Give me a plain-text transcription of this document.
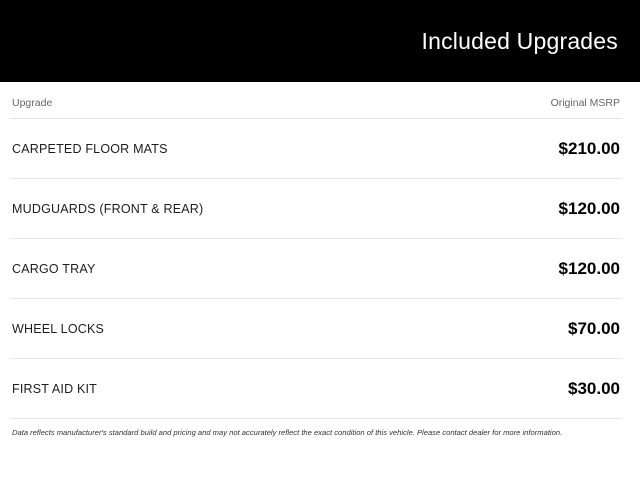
Included Upgrades
Upgrade	Original MSRP
CARPETED FLOOR MATS	$210.00
MUDGUARDS (FRONT & REAR)	$120.00
CARGO TRAY	$120.00
WHEEL LOCKS	$70.00
FIRST AID KIT	$30.00
Data reflects manufacturer's standard build and pricing and may not accurately reflect the exact condition of this vehicle. Please contact dealer for more information.
